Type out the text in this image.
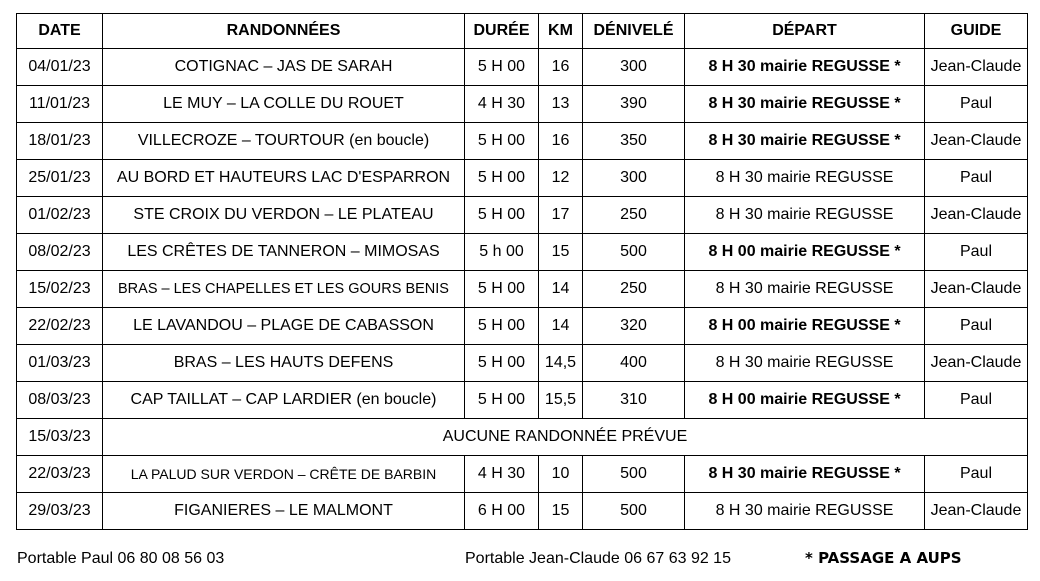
DATE	RANDONNÉES	DURÉE	KM	DÉNIVELÉ	DÉPART	GUIDE
04/01/23	COTIGNAC – JAS DE SARAH	5 H 00	16	300	8 H 30 mairie REGUSSE *	Jean-Claude
11/01/23	LE MUY – LA COLLE DU ROUET	4 H 30	13	390	8 H 30 mairie REGUSSE *	Paul
18/01/23	VILLECROZE – TOURTOUR (en boucle)	5 H 00	16	350	8 H 30 mairie REGUSSE *	Jean-Claude
25/01/23	AU BORD ET HAUTEURS LAC D'ESPARRON	5 H 00	12	300	8 H 30 mairie REGUSSE	Paul
01/02/23	STE CROIX DU VERDON – LE PLATEAU	5 H 00	17	250	8 H 30 mairie REGUSSE	Jean-Claude
08/02/23	LES CRÊTES DE TANNERON – MIMOSAS	5 h 00	15	500	8 H 00 mairie REGUSSE *	Paul
15/02/23	BRAS – LES CHAPELLES ET LES GOURS BENIS	5 H 00	14	250	8 H 30 mairie REGUSSE	Jean-Claude
22/02/23	LE LAVANDOU – PLAGE DE CABASSON	5 H 00	14	320	8 H 00 mairie REGUSSE *	Paul
01/03/23	BRAS – LES HAUTS DEFENS	5 H 00	14,5	400	8 H 30 mairie REGUSSE	Jean-Claude
08/03/23	CAP TAILLAT – CAP LARDIER (en boucle)	5 H 00	15,5	310	8 H 00 mairie REGUSSE *	Paul
15/03/23	AUCUNE RANDONNÉE PRÉVUE					
22/03/23	LA PALUD SUR VERDON – CRÊTE DE BARBIN	4 H 30	10	500	8 H 30 mairie REGUSSE *	Paul
29/03/23	FIGANIERES – LE MALMONT	6 H 00	15	500	8 H 30 mairie REGUSSE	Jean-Claude
Portable Paul 06 80 08 56 03	Portable Jean-Claude 06 67 63 92 15	* PASSAGE A AUPS
